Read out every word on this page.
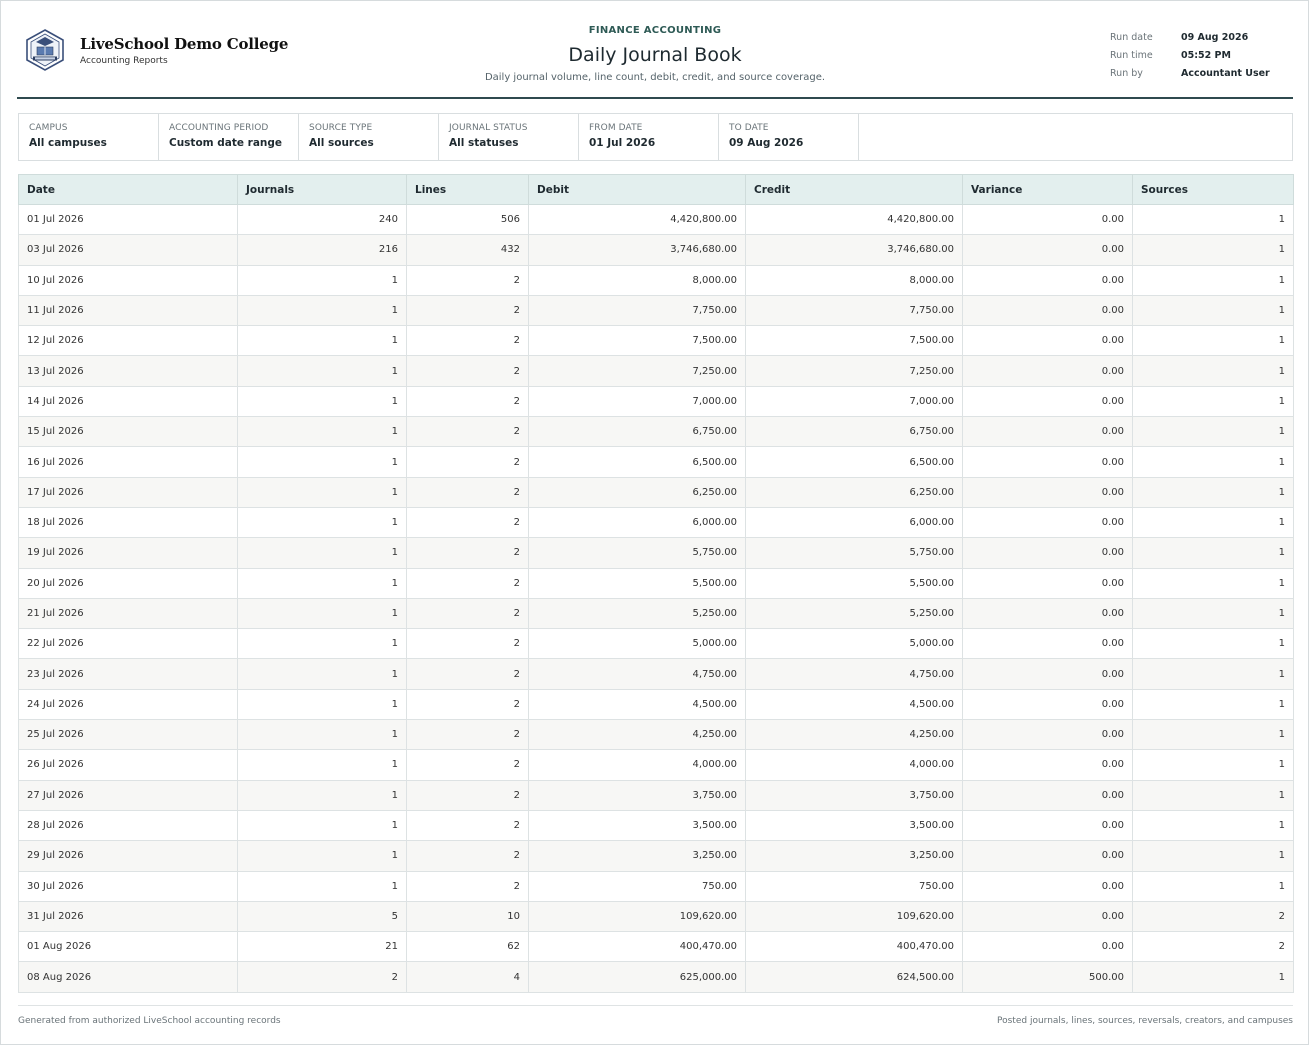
LiveSchool Demo College
Accounting Reports
FINANCE ACCOUNTING
Daily Journal Book
Daily journal volume, line count, debit, credit, and source coverage.
Run date	09 Aug 2026
Run time	05:52 PM
Run by	Accountant User
CAMPUS
All campuses
ACCOUNTING PERIOD
Custom date range
SOURCE TYPE
All sources
JOURNAL STATUS
All statuses
FROM DATE
01 Jul 2026
TO DATE
09 Aug 2026
Date	Journals	Lines	Debit	Credit	Variance	Sources
01 Jul 2026	240	506	4,420,800.00	4,420,800.00	0.00	1
03 Jul 2026	216	432	3,746,680.00	3,746,680.00	0.00	1
10 Jul 2026	1	2	8,000.00	8,000.00	0.00	1
11 Jul 2026	1	2	7,750.00	7,750.00	0.00	1
12 Jul 2026	1	2	7,500.00	7,500.00	0.00	1
13 Jul 2026	1	2	7,250.00	7,250.00	0.00	1
14 Jul 2026	1	2	7,000.00	7,000.00	0.00	1
15 Jul 2026	1	2	6,750.00	6,750.00	0.00	1
16 Jul 2026	1	2	6,500.00	6,500.00	0.00	1
17 Jul 2026	1	2	6,250.00	6,250.00	0.00	1
18 Jul 2026	1	2	6,000.00	6,000.00	0.00	1
19 Jul 2026	1	2	5,750.00	5,750.00	0.00	1
20 Jul 2026	1	2	5,500.00	5,500.00	0.00	1
21 Jul 2026	1	2	5,250.00	5,250.00	0.00	1
22 Jul 2026	1	2	5,000.00	5,000.00	0.00	1
23 Jul 2026	1	2	4,750.00	4,750.00	0.00	1
24 Jul 2026	1	2	4,500.00	4,500.00	0.00	1
25 Jul 2026	1	2	4,250.00	4,250.00	0.00	1
26 Jul 2026	1	2	4,000.00	4,000.00	0.00	1
27 Jul 2026	1	2	3,750.00	3,750.00	0.00	1
28 Jul 2026	1	2	3,500.00	3,500.00	0.00	1
29 Jul 2026	1	2	3,250.00	3,250.00	0.00	1
30 Jul 2026	1	2	750.00	750.00	0.00	1
31 Jul 2026	5	10	109,620.00	109,620.00	0.00	2
01 Aug 2026	21	62	400,470.00	400,470.00	0.00	2
08 Aug 2026	2	4	625,000.00	624,500.00	500.00	1
Generated from authorized LiveSchool accounting records	Posted journals, lines, sources, reversals, creators, and campuses
